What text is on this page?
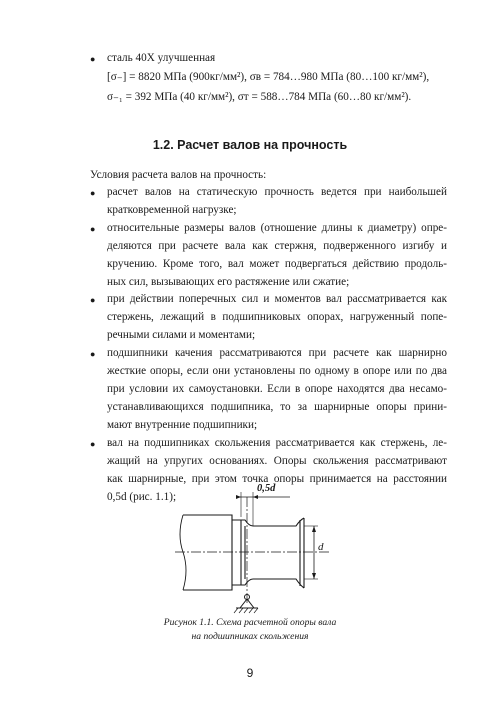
● сталь 40Х улучшенная
[σ₋] = 8820 МПа (900кг/мм²), σв = 784…980 МПа (80…100 кг/мм²),
σ₋₁ = 392 МПа (40 кг/мм²), σт = 588…784 МПа (60…80 кг/мм²).
1.2. Расчет валов на прочность
Условия расчета валов на прочность:
● расчет валов на статическую прочность ведется при наибольшей
кратковременной нагрузке;
● относительные размеры валов (отношение длины к диаметру) опре-
деляются при расчете вала как стержня, подверженного изгибу и
кручению. Кроме того, вал может подвергаться действию продоль-
ных сил, вызывающих его растяжение или сжатие;
● при действии поперечных сил и моментов вал рассматривается как
стержень, лежащий в подшипниковых опорах, нагруженный попе-
речными силами и моментами;
● подшипники качения рассматриваются при расчете как шарнирно
жесткие опоры, если они установлены по одному в опоре или по два
при условии их самоустановки. Если в опоре находятся два несамо-
устанавливающихся подшипника, то за шарнирные опоры прини-
мают внутренние подшипники;
● вал на подшипниках скольжения рассматривается как стержень, ле-
жащий на упругих основаниях. Опоры скольжения рассматривают
как шарнирные, при этом точка опоры принимается на расстоянии
0,5d (рис. 1.1);
0,5d
d
Рисунок 1.1. Схема расчетной опоры вала
на подшипниках скольжения
9
